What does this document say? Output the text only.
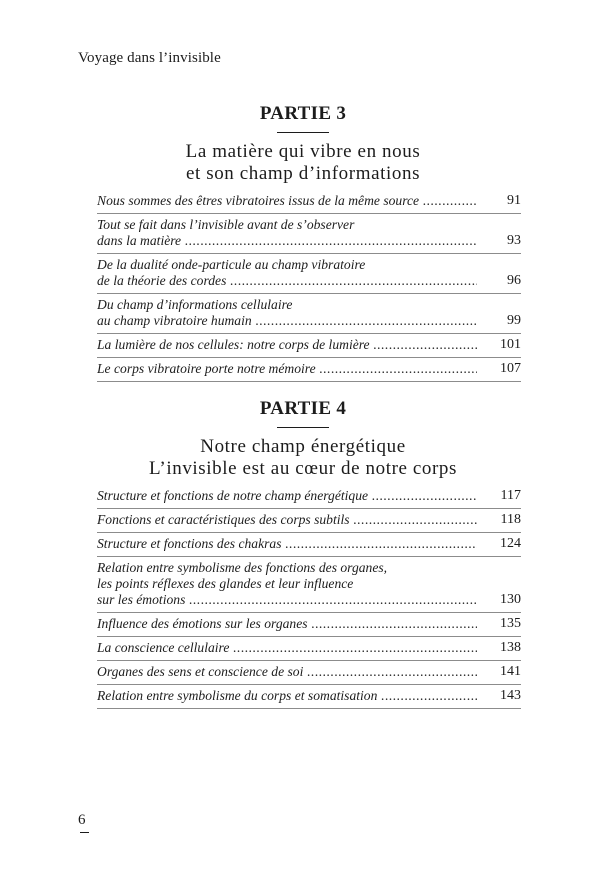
Voyage dans l’invisible
PARTIE 3
La matière qui vibre en nous
et son champ d’informations
Nous sommes des êtres vibratoires issus de la même source .....	91
Tout se fait dans l’invisible avant de s’observer
dans la matière .....	93
De la dualité onde-particule au champ vibratoire
de la théorie des cordes .....	96
Du champ d’informations cellulaire
au champ vibratoire humain .....	99
La lumière de nos cellules: notre corps de lumière .....	101
Le corps vibratoire porte notre mémoire .....	107
PARTIE 4
Notre champ énergétique
L’invisible est au cœur de notre corps
Structure et fonctions de notre champ énergétique .....	117
Fonctions et caractéristiques des corps subtils .....	118
Structure et fonctions des chakras .....	124
Relation entre symbolisme des fonctions des organes,
les points réflexes des glandes et leur influence
sur les émotions .....	130
Influence des émotions sur les organes .....	135
La conscience cellulaire .....	138
Organes des sens et conscience de soi .....	141
Relation entre symbolisme du corps et somatisation .....	143
6
